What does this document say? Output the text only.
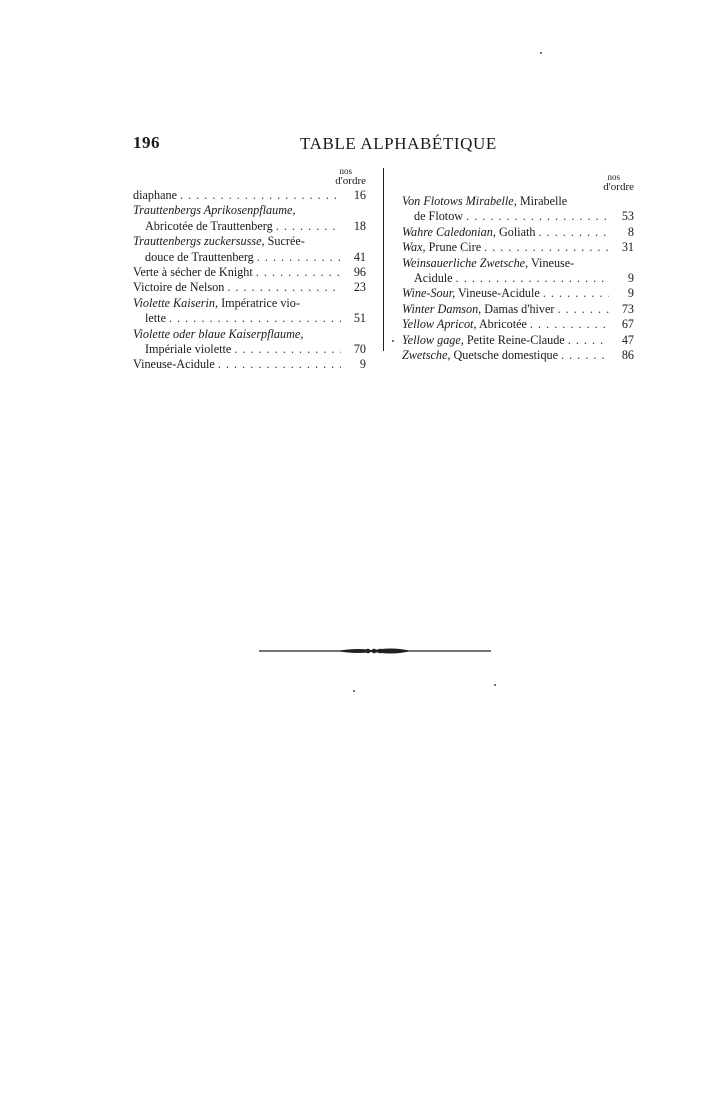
196	TABLE ALPHABÉTIQUE
nos
d'ordre
diaphane . . .	16
Trauttenbergs Aprikosenpflaume,
Abricotée de Trauttenberg . . .	18
Trauttenbergs zuckersusse, Sucrée-
douce de Trauttenberg . . .	41
Verte à sécher de Knight . . .	96
Victoire de Nelson . . .	23
Violette Kaiserin, Impératrice vio-
lette . . .	51
Violette oder blaue Kaiserpflaume,
Impériale violette . . .	70
Vineuse-Acidule . . .	9
nos
d'ordre
Von Flotows Mirabelle, Mirabelle
de Flotow . . .	53
Wahre Caledonian, Goliath . . .	8
Wax, Prune Cire . . .	31
Weinsauerliche Zwetsche, Vineuse-
Acidule . . .	9
Wine-Sour, Vineuse-Acidule . . .	9
Winter Damson, Damas d'hiver . . .	73
Yellow Apricot, Abricotée . . .	67
Yellow gage, Petite Reine-Claude . . .	47
Zwetsche, Quetsche domestique . . .	86
